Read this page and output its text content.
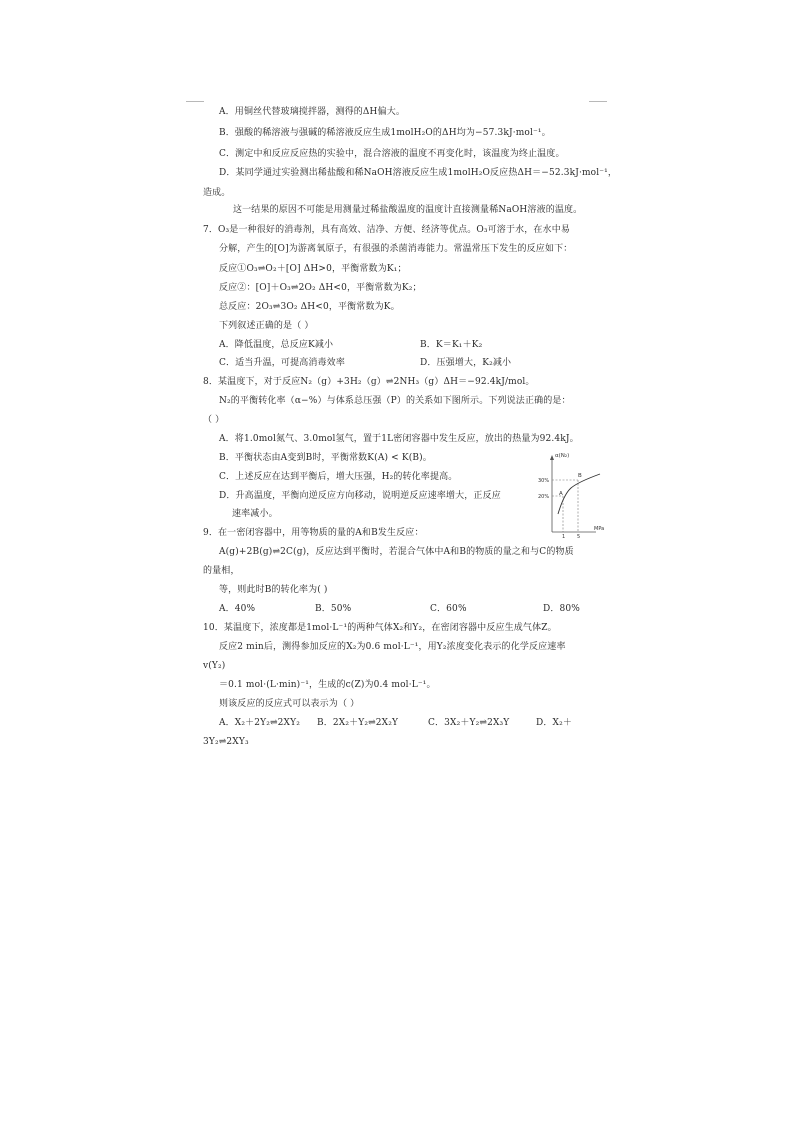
A．用铜丝代替玻璃搅拌器，测得的ΔH偏大。
B．强酸的稀溶液与强碱的稀溶液反应生成1molH₂O的ΔH均为−57.3kJ·mol⁻¹。
C．测定中和反应反应热的实验中，混合溶液的温度不再变化时，该温度为终止温度。
D．某同学通过实验测出稀盐酸和稀NaOH溶液反应生成1molH₂O反应热ΔH＝−52.3kJ·mol⁻¹，
造成。
这一结果的原因不可能是用测量过稀盐酸温度的温度计直接测量稀NaOH溶液的温度。
7．O₃是一种很好的消毒剂，具有高效、洁净、方便、经济等优点。O₃可溶于水，在水中易
分解，产生的[O]为游离氧原子，有很强的杀菌消毒能力。常温常压下发生的反应如下：
反应①O₃⇌O₂＋[O] ΔH>0，平衡常数为K₁；
反应②：[O]＋O₃⇌2O₂ ΔH<0，平衡常数为K₂；
总反应：2O₃⇌3O₂ ΔH<0，平衡常数为K。
下列叙述正确的是（ ）
A．降低温度，总反应K减小	B．K＝K₁＋K₂
C．适当升温，可提高消毒效率	D．压强增大，K₂减小
8．某温度下，对于反应N₂（g）+3H₂（g）⇌2NH₃（g）ΔH＝−92.4kJ/mol。
N₂的平衡转化率（α−%）与体系总压强（P）的关系如下图所示。下列说法正确的是：
（ ）
A．将1.0mol氮气、3.0mol氢气，置于1L密闭容器中发生反应，放出的热量为92.4kJ。
B．平衡状态由A变到B时，平衡常数K(A) < K(B)。
C．上述反应在达到平衡后，增大压强，H₂的转化率提高。
D．升高温度，平衡向逆反应方向移动，说明逆反应速率增大，正反应
速率减小。
α(N₂)
MPa
30%
20%
1 5
A
B
9．在一密闭容器中，用等物质的量的A和B发生反应：
A(g)+2B(g)⇌2C(g)，反应达到平衡时，若混合气体中A和B的物质的量之和与C的物质
的量相，
等，则此时B的转化率为( )
A．40%	B．50%	C．60%	D．80%
10．某温度下，浓度都是1mol·L⁻¹的两种气体X₂和Y₂，在密闭容器中反应生成气体Z。
反应2 min后，测得参加反应的X₂为0.6 mol·L⁻¹，用Y₂浓度变化表示的化学反应速率
v(Y₂)
＝0.1 mol·(L·min)⁻¹，生成的c(Z)为0.4 mol·L⁻¹。
则该反应的反应式可以表示为（ ）
A．X₂＋2Y₂⇌2XY₂ B．2X₂＋Y₂⇌2X₂Y	C．3X₂＋Y₂⇌2X₃Y	D．X₂＋
3Y₂⇌2XY₃
